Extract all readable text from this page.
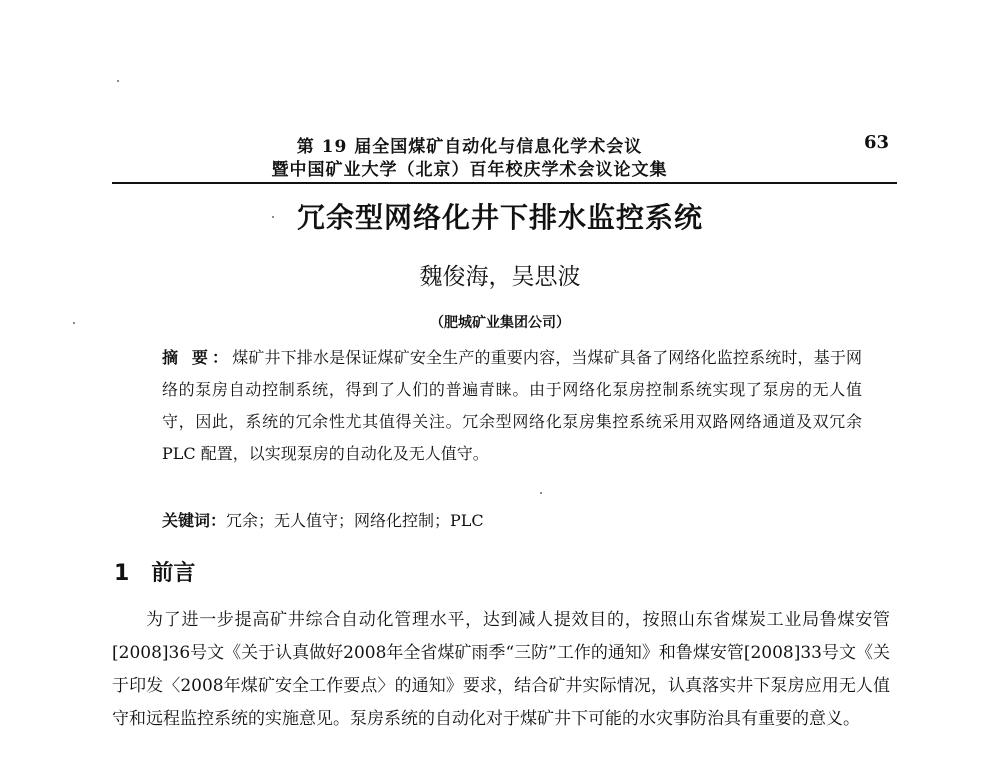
第 19 届全国煤矿自动化与信息化学术会议
暨中国矿业大学（北京）百年校庆学术会议论文集
63
冗余型网络化井下排水监控系统
魏俊海，吴思波
（肥城矿业集团公司）
摘 要：煤矿井下排水是保证煤矿安全生产的重要内容，当煤矿具备了网络化监控系统时，基于网络的泵房自动控制系统，得到了人们的普遍青睐。由于网络化泵房控制系统实现了泵房的无人值守，因此，系统的冗余性尤其值得关注。冗余型网络化泵房集控系统采用双路网络通道及双冗余 PLC 配置，以实现泵房的自动化及无人值守。
关键词：冗余；无人值守；网络化控制；PLC
1 前言
为了进一步提高矿井综合自动化管理水平，达到减人提效目的，按照山东省煤炭工业局鲁煤安管[2008]36号文《关于认真做好2008年全省煤矿雨季“三防”工作的通知》和鲁煤安管[2008]33号文《关于印发〈2008年煤矿安全工作要点〉的通知》要求，结合矿井实际情况，认真落实井下泵房应用无人值守和远程监控系统的实施意见。泵房系统的自动化对于煤矿井下可能的水灾事防治具有重要的意义。
